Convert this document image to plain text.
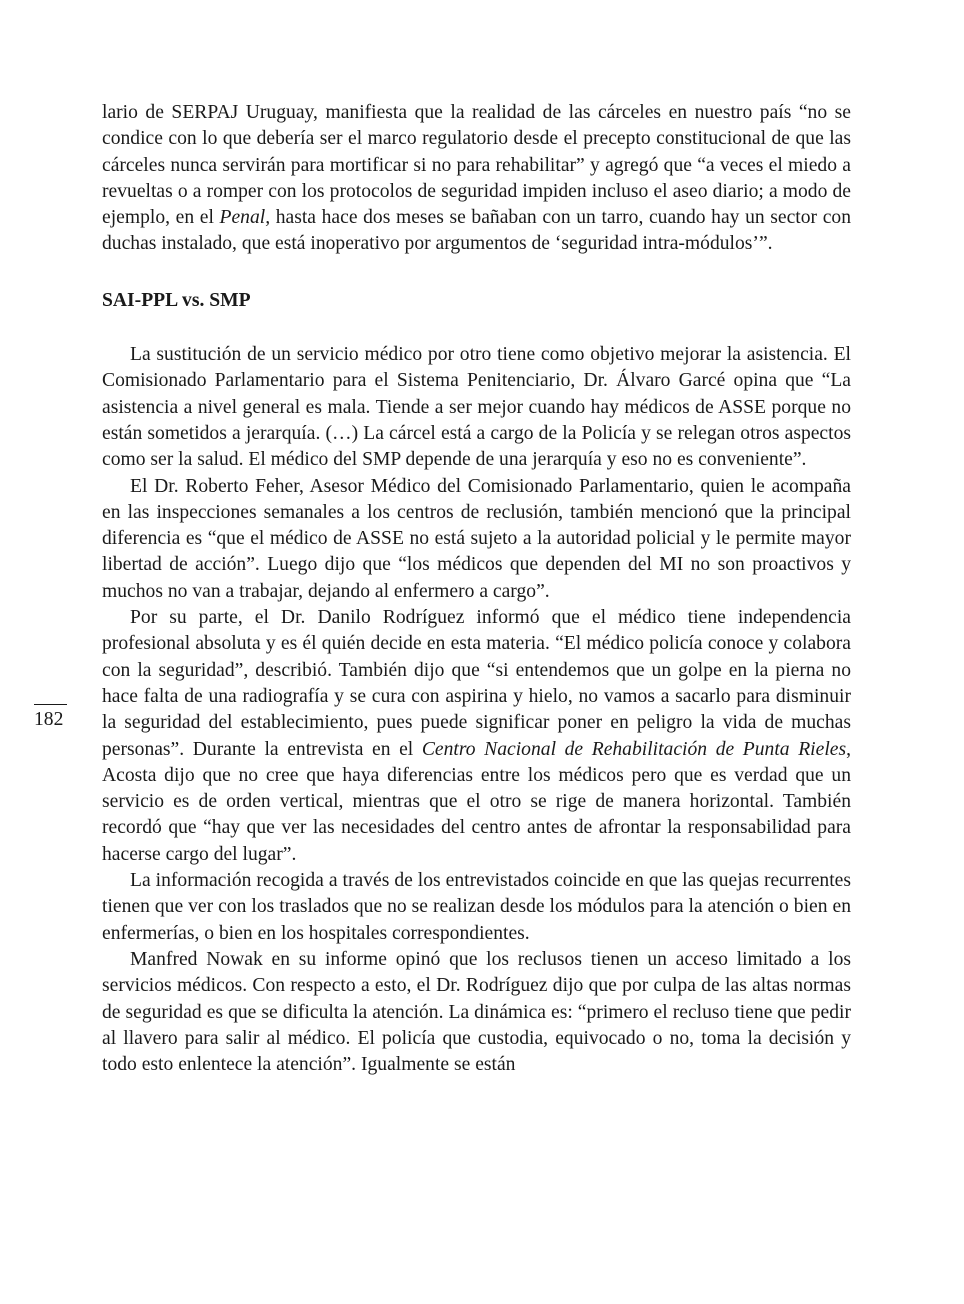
lario de SERPAJ Uruguay, manifiesta que la realidad de las cárceles en nuestro país “no se condice con lo que debería ser el marco regulatorio desde el precepto constitucional de que las cárceles nunca servirán para mortificar si no para rehabilitar” y agregó que “a veces el miedo a revueltas o a romper con los protocolos de seguridad impiden incluso el aseo diario; a modo de ejemplo, en el Penal, hasta hace dos meses se bañaban con un tarro, cuando hay un sector con duchas instalado, que está inoperativo por argumentos de ‘seguridad intra-módulos’”.

SAI-PPL vs. SMP

La sustitución de un servicio médico por otro tiene como objetivo mejorar la asistencia. El Comisionado Parlamentario para el Sistema Penitenciario, Dr. Álvaro Garcé opina que “La asistencia a nivel general es mala. Tiende a ser mejor cuando hay médicos de ASSE porque no están sometidos a jerarquía. (…) La cárcel está a cargo de la Policía y se relegan otros aspectos como ser la salud. El médico del SMP depende de una jerarquía y eso no es conveniente”.

El Dr. Roberto Feher, Asesor Médico del Comisionado Parlamentario, quien le acompaña en las inspecciones semanales a los centros de reclusión, también mencionó que la principal diferencia es “que el médico de ASSE no está sujeto a la autoridad policial y le permite mayor libertad de acción”. Luego dijo que “los médicos que dependen del MI no son proactivos y muchos no van a trabajar, dejando al enfermero a cargo”.

Por su parte, el Dr. Danilo Rodríguez informó que el médico tiene independencia profesional absoluta y es él quién decide en esta materia. “El médico policía conoce y colabora con la seguridad”, describió. También dijo que “si entendemos que un golpe en la pierna no hace falta de una radiografía y se cura con aspirina y hielo, no vamos a sacarlo para disminuir la seguridad del establecimiento, pues puede significar poner en peligro la vida de muchas personas”. Durante la entrevista en el Centro Nacional de Rehabilitación de Punta Rieles, Acosta dijo que no cree que haya diferencias entre los médicos pero que es verdad que un servicio es de orden vertical, mientras que el otro se rige de manera horizontal. También recordó que “hay que ver las necesidades del centro antes de afrontar la responsabilidad para hacerse cargo del lugar”.

La información recogida a través de los entrevistados coincide en que las quejas recurrentes tienen que ver con los traslados que no se realizan desde los módulos para la atención o bien en enfermerías, o bien en los hospitales correspondientes.

Manfred Nowak en su informe opinó que los reclusos tienen un acceso limitado a los servicios médicos. Con respecto a esto, el Dr. Rodríguez dijo que por culpa de las altas normas de seguridad es que se dificulta la atención. La dinámica es: “primero el recluso tiene que pedir al llavero para salir al médico. El policía que custodia, equivocado o no, toma la decisión y todo esto enlentece la atención”. Igualmente se están

182
